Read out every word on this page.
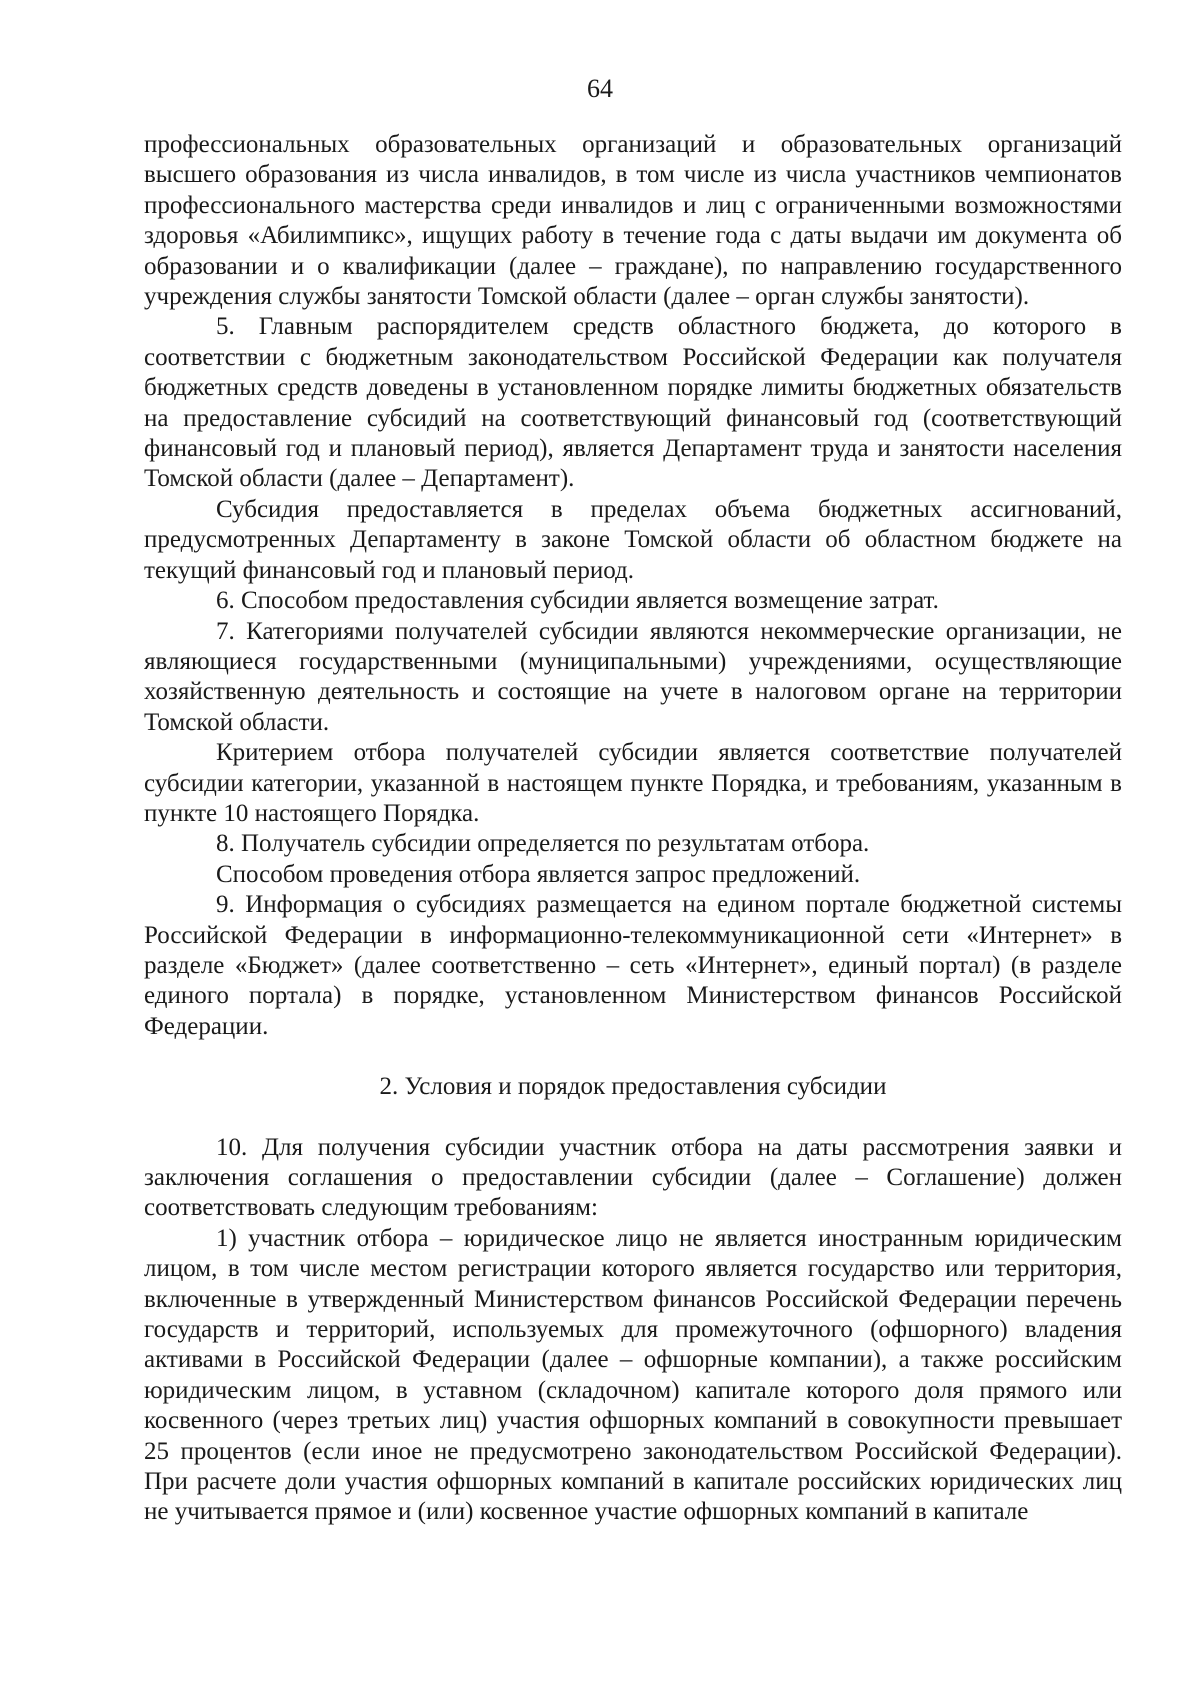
64

профессиональных образовательных организаций и образовательных организаций высшего образования из числа инвалидов, в том числе из числа участников чемпионатов профессионального мастерства среди инвалидов и лиц с ограниченными возможностями здоровья «Абилимпикс», ищущих работу в течение года с даты выдачи им документа об образовании и о квалификации (далее – граждане), по направлению государственного учреждения службы занятости Томской области (далее – орган службы занятости).

5. Главным распорядителем средств областного бюджета, до которого в соответствии с бюджетным законодательством Российской Федерации как получателя бюджетных средств доведены в установленном порядке лимиты бюджетных обязательств на предоставление субсидий на соответствующий финансовый год (соответствующий финансовый год и плановый период), является Департамент труда и занятости населения Томской области (далее – Департамент).

Субсидия предоставляется в пределах объема бюджетных ассигнований, предусмотренных Департаменту в законе Томской области об областном бюджете на текущий финансовый год и плановый период.

6. Способом предоставления субсидии является возмещение затрат.

7. Категориями получателей субсидии являются некоммерческие организации, не являющиеся государственными (муниципальными) учреждениями, осуществляющие хозяйственную деятельность и состоящие на учете в налоговом органе на территории Томской области.

Критерием отбора получателей субсидии является соответствие получателей субсидии категории, указанной в настоящем пункте Порядка, и требованиям, указанным в пункте 10 настоящего Порядка.

8. Получатель субсидии определяется по результатам отбора.

Способом проведения отбора является запрос предложений.

9. Информация о субсидиях размещается на едином портале бюджетной системы Российской Федерации в информационно-телекоммуникационной сети «Интернет» в разделе «Бюджет» (далее соответственно – сеть «Интернет», единый портал) (в разделе единого портала) в порядке, установленном Министерством финансов Российской Федерации.

2. Условия и порядок предоставления субсидии

10. Для получения субсидии участник отбора на даты рассмотрения заявки и заключения соглашения о предоставлении субсидии (далее – Соглашение) должен соответствовать следующим требованиям:

1) участник отбора – юридическое лицо не является иностранным юридическим лицом, в том числе местом регистрации которого является государство или территория, включенные в утвержденный Министерством финансов Российской Федерации перечень государств и территорий, используемых для промежуточного (офшорного) владения активами в Российской Федерации (далее – офшорные компании), а также российским юридическим лицом, в уставном (складочном) капитале которого доля прямого или косвенного (через третьих лиц) участия офшорных компаний в совокупности превышает 25 процентов (если иное не предусмотрено законодательством Российской Федерации). При расчете доли участия офшорных компаний в капитале российских юридических лиц не учитывается прямое и (или) косвенное участие офшорных компаний в капитале
